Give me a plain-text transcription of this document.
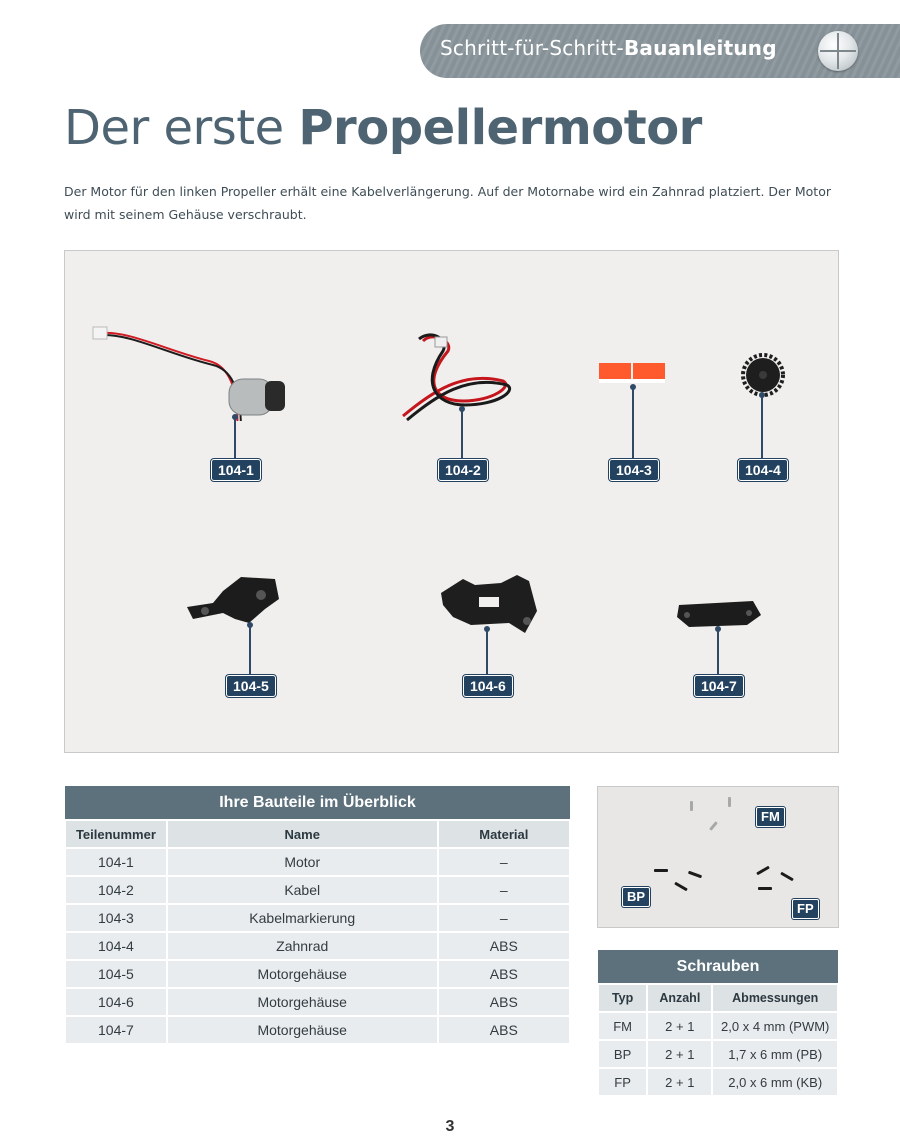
Schritt-für-Schritt-Bauanleitung
Der erste Propellermotor

Der Motor für den linken Propeller erhält eine Kabelverlängerung. Auf der Motornabe wird ein Zahnrad platziert. Der Motor wird mit seinem Gehäuse verschraubt.

104-1	104-2	104-3	104-4
104-5	104-6	104-7
Ihre Bauteile im Überblick		
Teilenummer	Name	Material
104-1	Motor	–
104-2	Kabel	–
104-3	Kabelmarkierung	–
104-4	Zahnrad	ABS
104-5	Motorgehäuse	ABS
104-6	Motorgehäuse	ABS
104-7	Motorgehäuse	ABS
FM
BP
FP
Schrauben		
Typ	Anzahl	Abmessungen
FM	2 + 1	2,0 x 4 mm (PWM)
BP	2 + 1	1,7 x 6 mm (PB)
FP	2 + 1	2,0 x 6 mm (KB)
3
